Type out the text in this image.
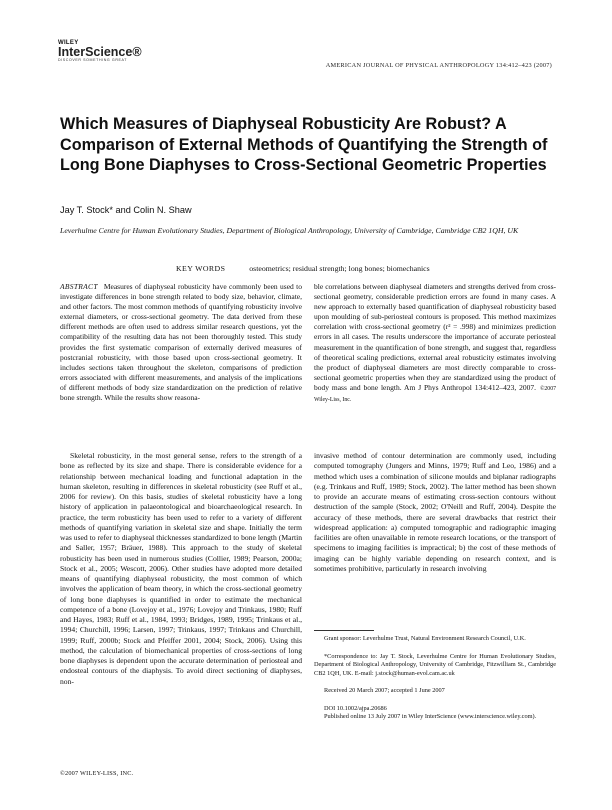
WILEY
InterScience®
DISCOVER SOMETHING GREAT
AMERICAN JOURNAL OF PHYSICAL ANTHROPOLOGY 134:412–423 (2007)
Which Measures of Diaphyseal Robusticity Are Robust? A Comparison of External Methods of Quantifying the Strength of Long Bone Diaphyses to Cross-Sectional Geometric Properties
Jay T. Stock* and Colin N. Shaw
Leverhulme Centre for Human Evolutionary Studies, Department of Biological Anthropology, University of Cambridge, Cambridge CB2 1QH, UK
KEY WORDS	osteometrics; residual strength; long bones; biomechanics

ABSTRACT Measures of diaphyseal robusticity have commonly been used to investigate differences in bone strength related to body size, behavior, climate, and other factors. The most common methods of quantifying robusticity involve external diameters, or cross-sectional geometry. The data derived from these different methods are often used to address similar research questions, yet the compatibility of the resulting data has not been thoroughly tested. This study provides the first systematic comparison of externally derived measures of postcranial robusticity, with those based upon cross-sectional geometry. It includes sections taken throughout the skeleton, comparisons of prediction errors associated with different measurements, and analysis of the implications of different methods of body size standardization on the prediction of relative bone strength. While the results show reasona-

ble correlations between diaphyseal diameters and strengths derived from cross-sectional geometry, considerable prediction errors are found in many cases. A new approach to externally based quantification of diaphyseal robusticity based upon moulding of sub-periosteal contours is proposed. This method maximizes correlation with cross-sectional geometry (r² = .998) and minimizes prediction errors in all cases. The results underscore the importance of accurate periosteal measurement in the quantification of bone strength, and suggest that, regardless of theoretical scaling predictions, external areal robusticity estimates involving the product of diaphyseal diameters are most directly comparable to cross-sectional geometric properties when they are standardized using the product of body mass and bone length. Am J Phys Anthropol 134:412–423, 2007. ©2007 Wiley-Liss, Inc.

Skeletal robusticity, in the most general sense, refers to the strength of a bone as reflected by its size and shape. There is considerable evidence for a relationship between mechanical loading and functional adaptation in the human skeleton, resulting in differences in skeletal robusticity (see Ruff et al., 2006 for review). On this basis, studies of skeletal robusticity have a long history of application in palaeontological and bioarchaeological research. In practice, the term robusticity has been used to refer to a variety of different methods of quantifying variation in skeletal size and shape. Initially the term was used to refer to diaphyseal thicknesses standardized to bone length (Martin and Saller, 1957; Bräuer, 1988). This approach to the study of skeletal robusticity has been used in numerous studies (Collier, 1989; Pearson, 2000a; Stock et al., 2005; Wescott, 2006). Other studies have adopted more detailed means of quantifying diaphyseal robusticity, the most common of which involves the application of beam theory, in which the cross-sectional geometry of long bone diaphyses is quantified in order to estimate the mechanical competence of a bone (Lovejoy et al., 1976; Lovejoy and Trinkaus, 1980; Ruff and Hayes, 1983; Ruff et al., 1984, 1993; Bridges, 1989, 1995; Trinkaus et al., 1994; Churchill, 1996; Larsen, 1997; Trinkaus, 1997; Trinkaus and Churchill, 1999; Ruff, 2000b; Stock and Pfeiffer 2001, 2004; Stock, 2006). Using this method, the calculation of biomechanical properties of cross-sections of long bone diaphyses is dependent upon the accurate determination of periosteal and endosteal contours of the diaphysis. To avoid direct sectioning of diaphyses, non-

invasive method of contour determination are commonly used, including computed tomography (Jungers and Minns, 1979; Ruff and Leo, 1986) and a method which uses a combination of silicone moulds and biplanar radiographs (e.g. Trinkaus and Ruff, 1989; Stock, 2002). The latter method has been shown to provide an accurate means of estimating cross-section contours without destruction of the sample (Stock, 2002; O'Neill and Ruff, 2004). Despite the accuracy of these methods, there are several drawbacks that restrict their widespread application: a) computed tomographic and radiographic imaging facilities are often unavailable in remote research locations, or the transport of specimens to imaging facilities is impractical; b) the cost of these methods of imaging can be highly variable depending on research context, and is sometimes prohibitive, particularly in research involving

Grant sponsor: Leverhulme Trust, Natural Environment Research Council, U.K.

*Correspondence to: Jay T. Stock, Leverhulme Centre for Human Evolutionary Studies, Department of Biological Anthropology, University of Cambridge, Fitzwilliam St., Cambridge CB2 1QH, UK. E-mail: j.stock@human-evol.cam.ac.uk

Received 20 March 2007; accepted 1 June 2007

DOI 10.1002/ajpa.20686

Published online 13 July 2007 in Wiley InterScience (www.interscience.wiley.com).

©2007 WILEY-LISS, INC.
